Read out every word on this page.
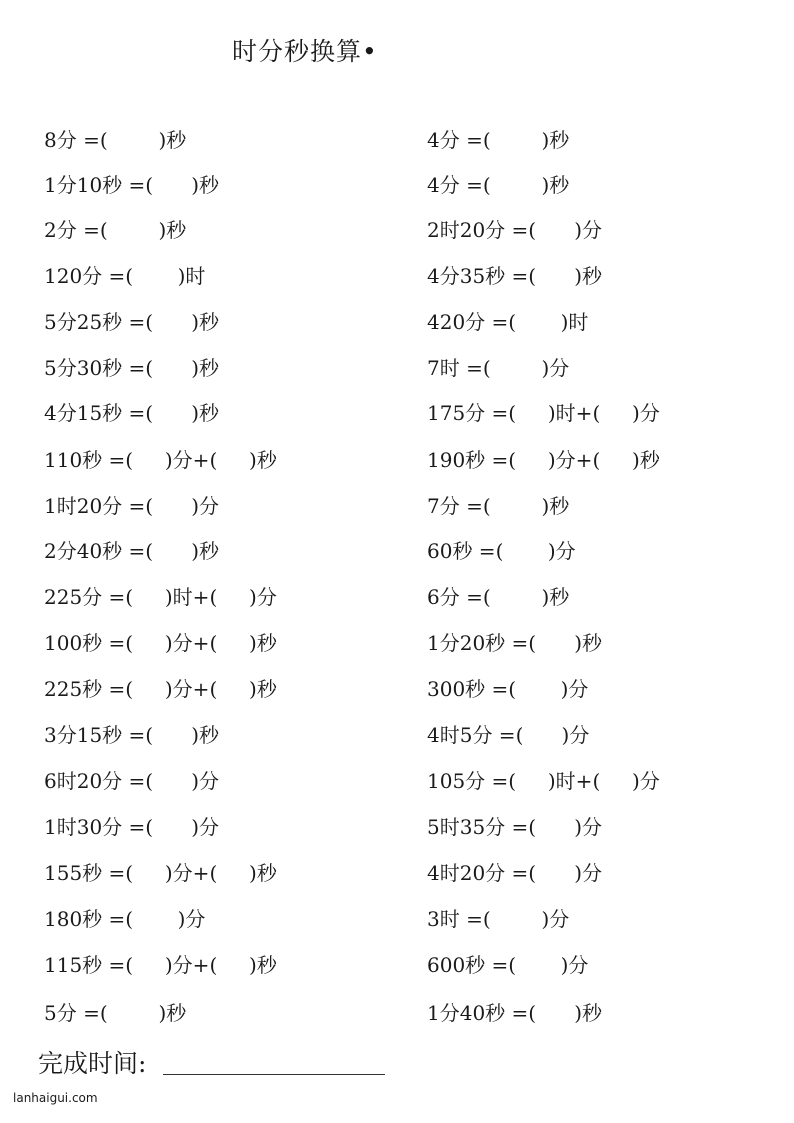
时分秒换算•
8分 =(        )秒
1分10秒 =(      )秒
2分 =(        )秒
120分 =(       )时
5分25秒 =(      )秒
5分30秒 =(      )秒
4分15秒 =(      )秒
110秒 =(     )分+(     )秒
1时20分 =(      )分
2分40秒 =(      )秒
225分 =(     )时+(     )分
100秒 =(     )分+(     )秒
225秒 =(     )分+(     )秒
3分15秒 =(      )秒
6时20分 =(      )分
1时30分 =(      )分
155秒 =(     )分+(     )秒
180秒 =(       )分
115秒 =(     )分+(     )秒
5分 =(        )秒
4分 =(        )秒
4分 =(        )秒
2时20分 =(      )分
4分35秒 =(      )秒
420分 =(       )时
7时 =(        )分
175分 =(     )时+(     )分
190秒 =(     )分+(     )秒
7分 =(        )秒
60秒 =(       )分
6分 =(        )秒
1分20秒 =(      )秒
300秒 =(       )分
4时5分 =(      )分
105分 =(     )时+(     )分
5时35分 =(      )分
4时20分 =(      )分
3时 =(        )分
600秒 =(       )分
1分40秒 =(      )秒
完成时间:
lanhaigui.com
